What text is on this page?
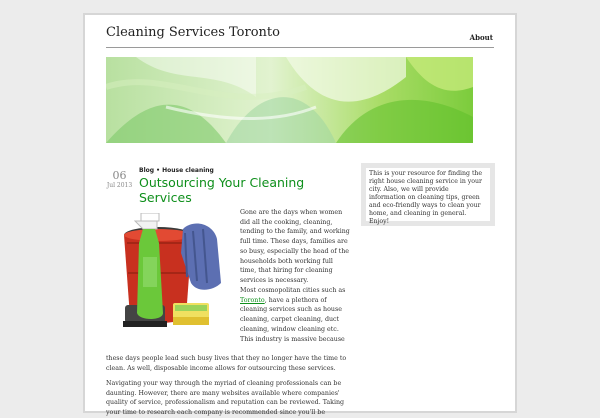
Cleaning Services Toronto	About
06
Jul 2013
Blog • House cleaning
Outsourcing Your Cleaning Services

Gone are the days when women did all the cooking, cleaning, tending to the family, and working full time. These days, families are so busy, especially the head of the households both working full time, that hiring for cleaning services is necessary.

Most cosmopolitan cities such as Toronto, have a plethora of cleaning services such as house cleaning, carpet cleaning, duct cleaning, window cleaning etc. This industry is massive because

these days people lead such busy lives that they no longer have the time to clean. As well, disposable income allows for outsourcing these services.

Navigating your way through the myriad of cleaning professionals can be daunting. However, there are many websites available where companies' quality of service, professionalism and reputation can be reviewed. Taking your time to research each company is recommended since you'll be

This is your resource for finding the right house cleaning service in your city. Also, we will provide information on cleaning tips, green and eco-friendly ways to clean your home, and cleaning in general. Enjoy!
